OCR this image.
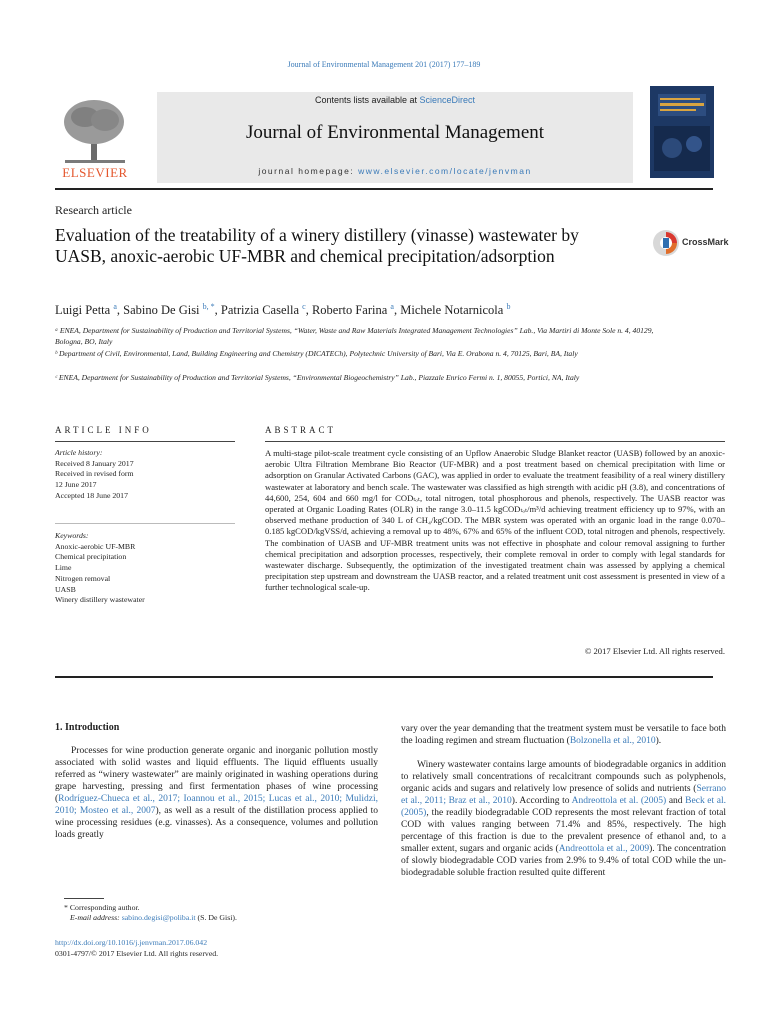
Journal of Environmental Management 201 (2017) 177–189
ELSEVIER
Contents lists available at ScienceDirect
Journal of Environmental Management
journal homepage: www.elsevier.com/locate/jenvman
Research article
Evaluation of the treatability of a winery distillery (vinasse) wastewater by UASB, anoxic-aerobic UF-MBR and chemical precipitation/adsorption
CrossMark
Luigi Petta $^a$, Sabino De Gisi $^{b, *}$, Patrizia Casella $^c$, Roberto Farina $^a$, Michele Notarnicola $^b$
ᵃ ENEA, Department for Sustainability of Production and Territorial Systems, “Water, Waste and Raw Materials Integrated Management Technologies” Lab., Via Martiri di Monte Sole n. 4, 40129, Bologna, BO, Italy
ᵇ Department of Civil, Environmental, Land, Building Engineering and Chemistry (DICATECh), Polytechnic University of Bari, Via E. Orabona n. 4, 70125, Bari, BA, Italy
ᶜ ENEA, Department for Sustainability of Production and Territorial Systems, “Environmental Biogeochemistry” Lab., Piazzale Enrico Fermi n. 1, 80055, Portici, NA, Italy
ARTICLE INFO
Article history:
Received 8 January 2017
Received in revised form
12 June 2017
Accepted 18 June 2017
Keywords:
Anoxic-aerobic UF-MBR
Chemical precipitation
Lime
Nitrogen removal
UASB
Winery distillery wastewater
ABSTRACT
A multi-stage pilot-scale treatment cycle consisting of an Upflow Anaerobic Sludge Blanket reactor (UASB) followed by an anoxic-aerobic Ultra Filtration Membrane Bio Reactor (UF-MBR) and a post treatment based on chemical precipitation with lime or adsorption on Granular Activated Carbons (GAC), was applied in order to evaluate the treatment feasibility of a real winery distillery wastewater at laboratory and bench scale. The wastewater was classified as high strength with acidic pH (3.8), and concentrations of 44,600, 254, 604 and 660 mg/l for CODₜₒₜ, total nitrogen, total phosphorous and phenols, respectively. The UASB reactor was operated at Organic Loading Rates (OLR) in the range 3.0–11.5 kgCODₜₒₜ/m³/d achieving treatment efficiency up to 97%, with an observed methane production of 340 L of CH₄/kgCOD. The MBR system was operated with an organic load in the range 0.070–0.185 kgCOD/kgVSS/d, achieving a removal up to 48%, 67% and 65% of the influent COD, total nitrogen and phenols, respectively. The combination of UASB and UF-MBR treatment units was not effective in phosphate and colour removal assigning to further chemical precipitation and adsorption processes, respectively, their complete removal in order to comply with legal standards for wastewater discharge. Subsequently, the optimization of the investigated treatment chain was assessed by applying a chemical precipitation step upstream and downstream the UASB reactor, and a related treatment unit cost assessment is presented in view of a further technological scale-up.
© 2017 Elsevier Ltd. All rights reserved.
1. Introduction
Processes for wine production generate organic and inorganic pollution mostly associated with solid wastes and liquid effluents. The liquid effluents usually referred as “winery wastewater” are mainly originated in washing operations during grape harvesting, pressing and first fermentation phases of wine processing (Rodríguez-Chueca et al., 2017; Ioannou et al., 2015; Lucas et al., 2010; Mulidzi, 2010; Mosteo et al., 2007), as well as a result of the distillation process applied to wine processing residues (e.g. vinasses). As a consequence, volumes and pollution loads greatly
vary over the year demanding that the treatment system must be versatile to face both the loading regimen and stream fluctuation (Bolzonella et al., 2010).
Winery wastewater contains large amounts of biodegradable organics in addition to relatively small concentrations of recalcitrant compounds such as polyphenols, organic acids and sugars and relatively low presence of solids and nutrients (Serrano et al., 2011; Braz et al., 2010). According to Andreottola et al. (2005) and Beck et al. (2005), the readily biodegradable COD represents the most relevant fraction of total COD with values ranging between 71.4% and 85%, respectively. The high percentage of this fraction is due to the prevalent presence of ethanol and, to a smaller extent, sugars and organic acids (Andreottola et al., 2009). The concentration of slowly biodegradable COD varies from 2.9% to 9.4% of total COD while the un-biodegradable soluble fraction resulted quite different
* Corresponding author.
E-mail address: sabino.degisi@poliba.it (S. De Gisi).
http://dx.doi.org/10.1016/j.jenvman.2017.06.042
0301-4797/© 2017 Elsevier Ltd. All rights reserved.
